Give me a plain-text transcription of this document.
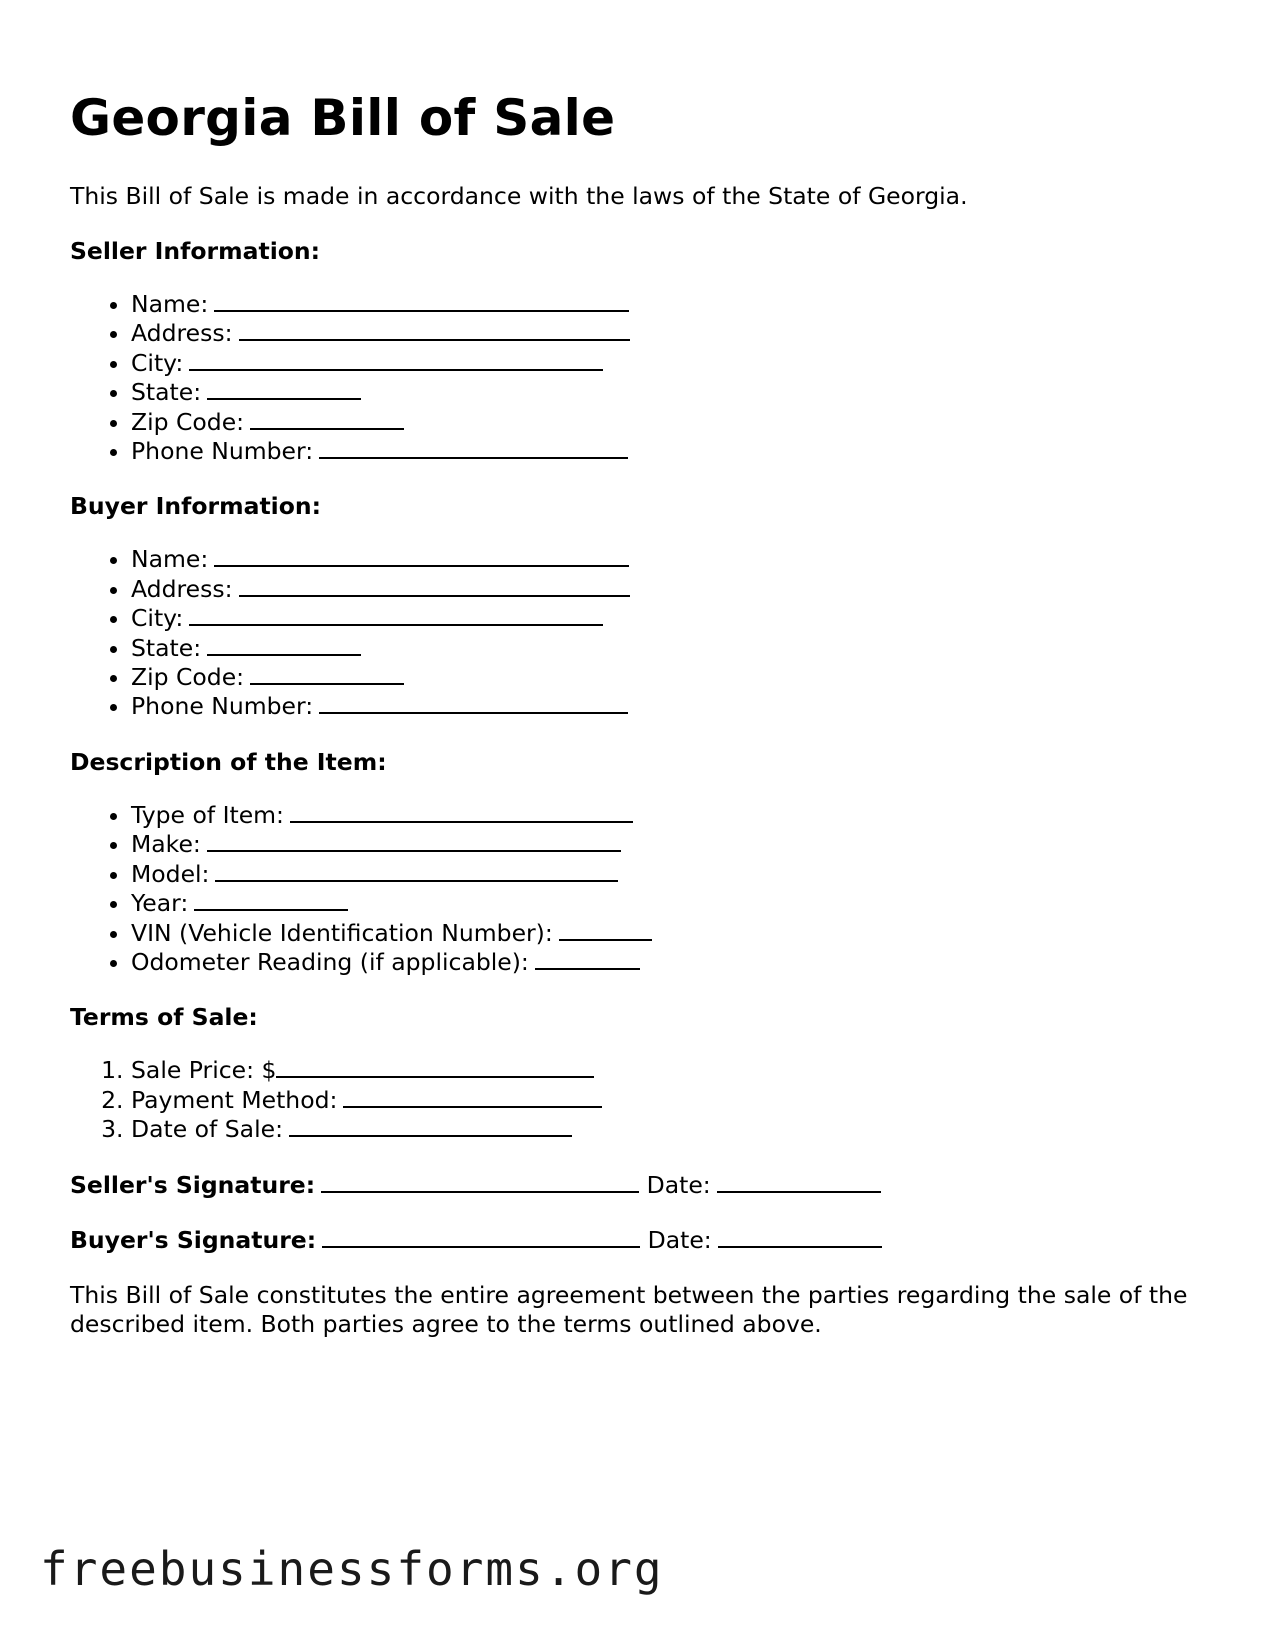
Georgia Bill of Sale

This Bill of Sale is made in accordance with the laws of the State of Georgia.

Seller Information:

• Name:
• Address:
• City:
• State:
• Zip Code:
• Phone Number:

Buyer Information:

• Name:
• Address:
• City:
• State:
• Zip Code:
• Phone Number:

Description of the Item:

• Type of Item:
• Make:
• Model:
• Year:
• VIN (Vehicle Identification Number):
• Odometer Reading (if applicable):

Terms of Sale:

1. Sale Price: $
2. Payment Method:
3. Date of Sale:

Seller's Signature:	Date:

Buyer's Signature:	Date:

This Bill of Sale constitutes the entire agreement between the parties regarding the sale of the described item. Both parties agree to the terms outlined above.

freebusinessforms.org
